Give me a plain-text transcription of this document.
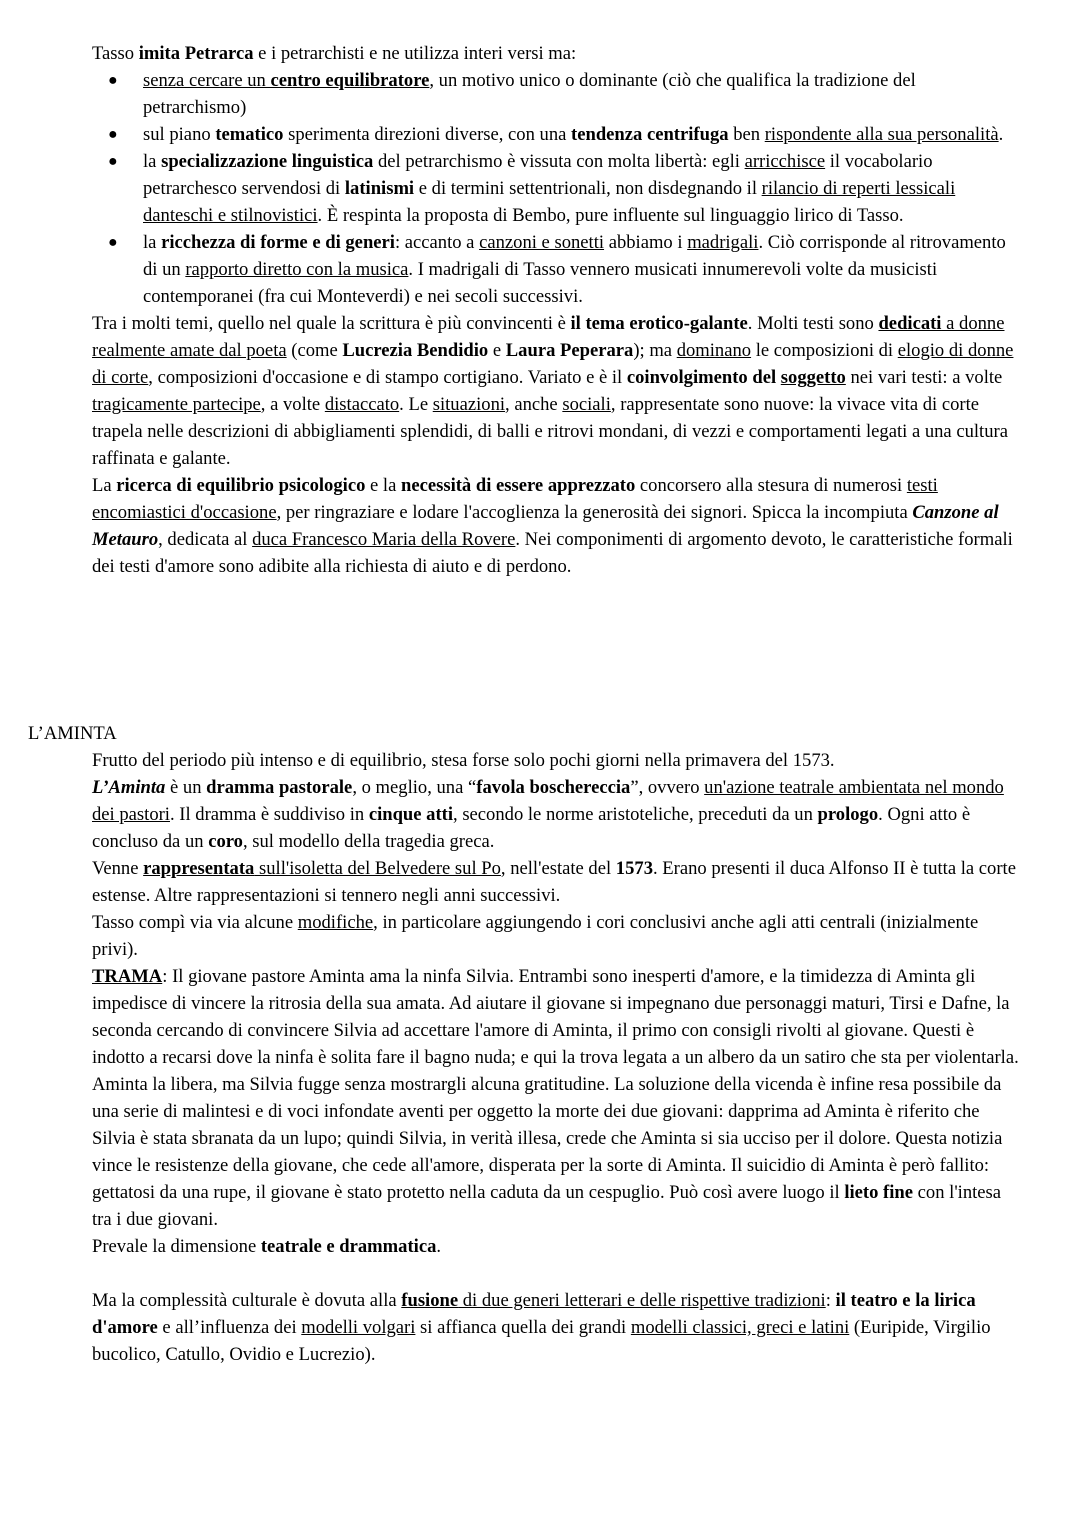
Tasso imita Petrarca e i petrarchisti e ne utilizza interi versi ma:

● senza cercare un centro equilibratore, un motivo unico o dominante (ciò che qualifica la tradizione del petrarchismo)
● sul piano tematico sperimenta direzioni diverse, con una tendenza centrifuga ben rispondente alla sua personalità.
● la specializzazione linguistica del petrarchismo è vissuta con molta libertà: egli arricchisce il vocabolario petrarchesco servendosi di latinismi e di termini settentrionali, non disdegnando il rilancio di reperti lessicali danteschi e stilnovistici. È respinta la proposta di Bembo, pure influente sul linguaggio lirico di Tasso.
● la ricchezza di forme e di generi: accanto a canzoni e sonetti abbiamo i madrigali. Ciò corrisponde al ritrovamento di un rapporto diretto con la musica. I madrigali di Tasso vennero musicati innumerevoli volte da musicisti contemporanei (fra cui Monteverdi) e nei secoli successivi.

Tra i molti temi, quello nel quale la scrittura è più convincenti è il tema erotico-galante. Molti testi sono dedicati a donne realmente amate dal poeta (come Lucrezia Bendidio e Laura Peperara); ma dominano le composizioni di elogio di donne di corte, composizioni d'occasione e di stampo cortigiano. Variato e è il coinvolgimento del soggetto nei vari testi: a volte tragicamente partecipe, a volte distaccato. Le situazioni, anche sociali, rappresentate sono nuove: la vivace vita di corte trapela nelle descrizioni di abbigliamenti splendidi, di balli e ritrovi mondani, di vezzi e comportamenti legati a una cultura raffinata e galante.

La ricerca di equilibrio psicologico e la necessità di essere apprezzato concorsero alla stesura di numerosi testi encomiastici d'occasione, per ringraziare e lodare l'accoglienza la generosità dei signori. Spicca la incompiuta Canzone al Metauro, dedicata al duca Francesco Maria della Rovere. Nei componimenti di argomento devoto, le caratteristiche formali dei testi d'amore sono adibite alla richiesta di aiuto e di perdono.

L’AMINTA

Frutto del periodo più intenso e di equilibrio, stesa forse solo pochi giorni nella primavera del 1573.

L’Aminta è un dramma pastorale, o meglio, una “favola boschereccia”, ovvero un'azione teatrale ambientata nel mondo dei pastori. Il dramma è suddiviso in cinque atti, secondo le norme aristoteliche, preceduti da un prologo. Ogni atto è concluso da un coro, sul modello della tragedia greca.

Venne rappresentata sull'isoletta del Belvedere sul Po, nell'estate del 1573. Erano presenti il duca Alfonso II è tutta la corte estense. Altre rappresentazioni si tennero negli anni successivi.

Tasso compì via via alcune modifiche, in particolare aggiungendo i cori conclusivi anche agli atti centrali (inizialmente privi).

TRAMA: Il giovane pastore Aminta ama la ninfa Silvia. Entrambi sono inesperti d'amore, e la timidezza di Aminta gli impedisce di vincere la ritrosia della sua amata. Ad aiutare il giovane si impegnano due personaggi maturi, Tirsi e Dafne, la seconda cercando di convincere Silvia ad accettare l'amore di Aminta, il primo con consigli rivolti al giovane. Questi è indotto a recarsi dove la ninfa è solita fare il bagno nuda; e qui la trova legata a un albero da un satiro che sta per violentarla. Aminta la libera, ma Silvia fugge senza mostrargli alcuna gratitudine. La soluzione della vicenda è infine resa possibile da una serie di malintesi e di voci infondate aventi per oggetto la morte dei due giovani: dapprima ad Aminta è riferito che Silvia è stata sbranata da un lupo; quindi Silvia, in verità illesa, crede che Aminta si sia ucciso per il dolore. Questa notizia vince le resistenze della giovane, che cede all'amore, disperata per la sorte di Aminta. Il suicidio di Aminta è però fallito: gettatosi da una rupe, il giovane è stato protetto nella caduta da un cespuglio. Può così avere luogo il lieto fine con l'intesa tra i due giovani.

Prevale la dimensione teatrale e drammatica.

Ma la complessità culturale è dovuta alla fusione di due generi letterari e delle rispettive tradizioni: il teatro e la lirica d'amore e all’influenza dei modelli volgari si affianca quella dei grandi modelli classici, greci e latini (Euripide, Virgilio bucolico, Catullo, Ovidio e Lucrezio).
